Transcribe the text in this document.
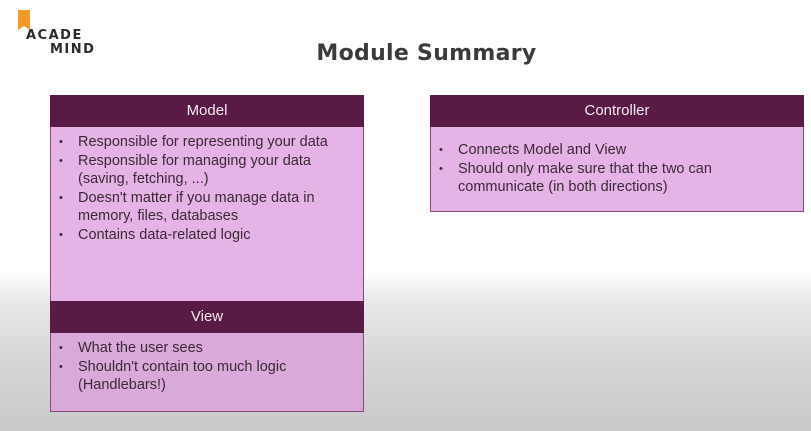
ACADE
MIND	Module Summary
Model
• Responsible for representing your data
• Responsible for managing your data (saving, fetching, ...)
• Doesn't matter if you manage data in memory, files, databases
• Contains data-related logic
View
• What the user sees
• Shouldn't contain too much logic (Handlebars!)
Controller
• Connects Model and View
• Should only make sure that the two can communicate (in both directions)
